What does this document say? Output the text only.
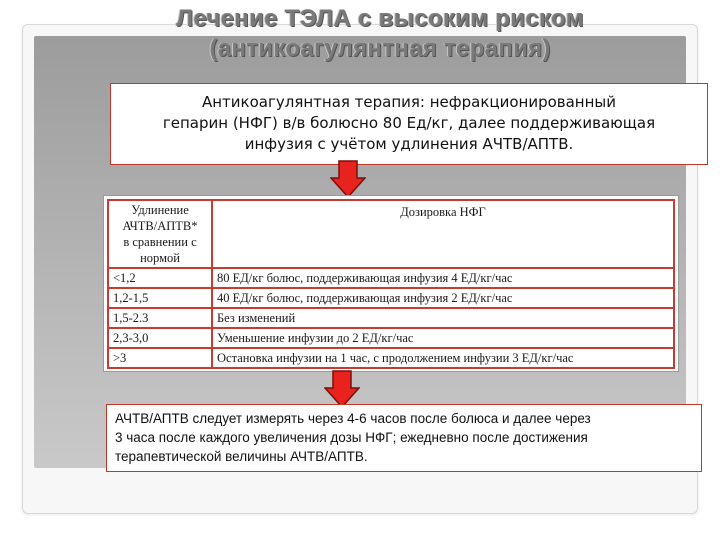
Лечение ТЭЛА с высоким риском
(антикоагулянтная терапия)
Антикоагулянтная терапия: нефракционированный
гепарин (НФГ) в/в болюсно 80 Ед/кг, далее поддерживающая
инфузия с учётом удлинения АЧТВ/АПТВ.
Удлинение
АЧТВ/АПТВ*
в сравнении с
нормой	Дозировка НФГ
<1,2	80 ЕД/кг болюс, поддерживающая инфузия 4 ЕД/кг/час
1,2-1,5	40 ЕД/кг болюс, поддерживающая инфузия 2 ЕД/кг/час
1,5-2.3	Без изменений
2,3-3,0	Уменьшение инфузии до 2 ЕД/кг/час
>3	Остановка инфузии на 1 час, с продолжением инфузии 3 ЕД/кг/час
АЧТВ/АПТВ следует измерять через 4-6 часов после болюса и далее через
3 часа после каждого увеличения дозы НФГ; ежедневно после достижения
терапевтической величины АЧТВ/АПТВ.
